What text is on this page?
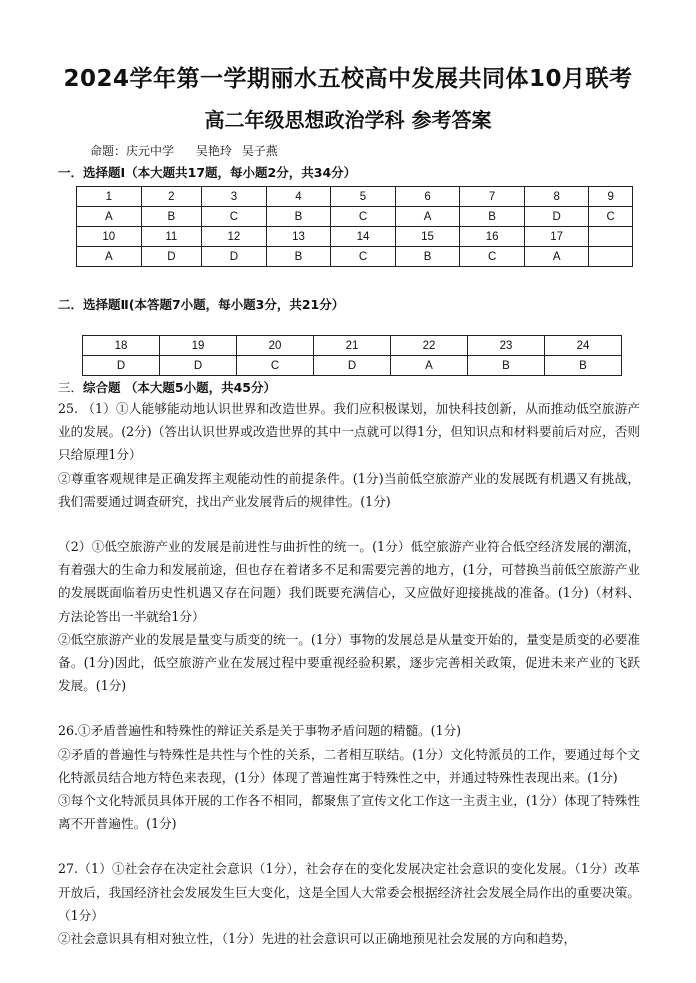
2024学年第一学期丽水五校高中发展共同体10月联考
高二年级思想政治学科 参考答案
命题：庆元中学 吴艳玲 吴子燕
一．选择题Ⅰ（本大题共17题，每小题2分，共34分）
1	2	3	4	5	6	7	8	9
A	B	C	B	C	A	B	D	C
10	11	12	13	14	15	16	17	
A	D	D	B	C	B	C	A	
二．选择题Ⅱ(本答题7小题，每小题3分，共21分）
18	19	20	21	22	23	24
D	D	C	D	A	B	B
三．综合题 （本大题5小题，共45分）

25. （1）①人能够能动地认识世界和改造世界。我们应积极谋划，加快科技创新，从而推动低空旅游产业的发展。(2分)（答出认识世界或改造世界的其中一点就可以得1分，但知识点和材料要前后对应，否则只给原理1分）

②尊重客观规律是正确发挥主观能动性的前提条件。(1分)当前低空旅游产业的发展既有机遇又有挑战，我们需要通过调查研究，找出产业发展背后的规律性。(1分)

（2）①低空旅游产业的发展是前进性与曲折性的统一。(1分）低空旅游产业符合低空经济发展的潮流，有着强大的生命力和发展前途，但也存在着诸多不足和需要完善的地方，(1分，可替换当前低空旅游产业的发展既面临着历史性机遇又存在问题）我们既要充满信心，又应做好迎接挑战的准备。(1分)（材料、方法论答出一半就给1分）

②低空旅游产业的发展是量变与质变的统一。(1分）事物的发展总是从量变开始的，量变是质变的必要准备。(1分)因此，低空旅游产业在发展过程中要重视经验积累，逐步完善相关政策，促进未来产业的飞跃发展。(1分)

26.①矛盾普遍性和特殊性的辩证关系是关于事物矛盾问题的精髓。(1分)

②矛盾的普遍性与特殊性是共性与个性的关系，二者相互联结。(1分）文化特派员的工作，要通过每个文化特派员结合地方特色来表现，(1分）体现了普遍性寓于特殊性之中，并通过特殊性表现出来。(1分)

③每个文化特派员具体开展的工作各不相同，都聚焦了宣传文化工作这一主责主业，(1分）体现了特殊性离不开普遍性。(1分)

27.（1）①社会存在决定社会意识（1分），社会存在的变化发展决定社会意识的变化发展。（1分）改革开放后，我国经济社会发展发生巨大变化，这是全国人大常委会根据经济社会发展全局作出的重要决策。（1分）

②社会意识具有相对独立性，（1分）先进的社会意识可以正确地预见社会发展的方向和趋势，
